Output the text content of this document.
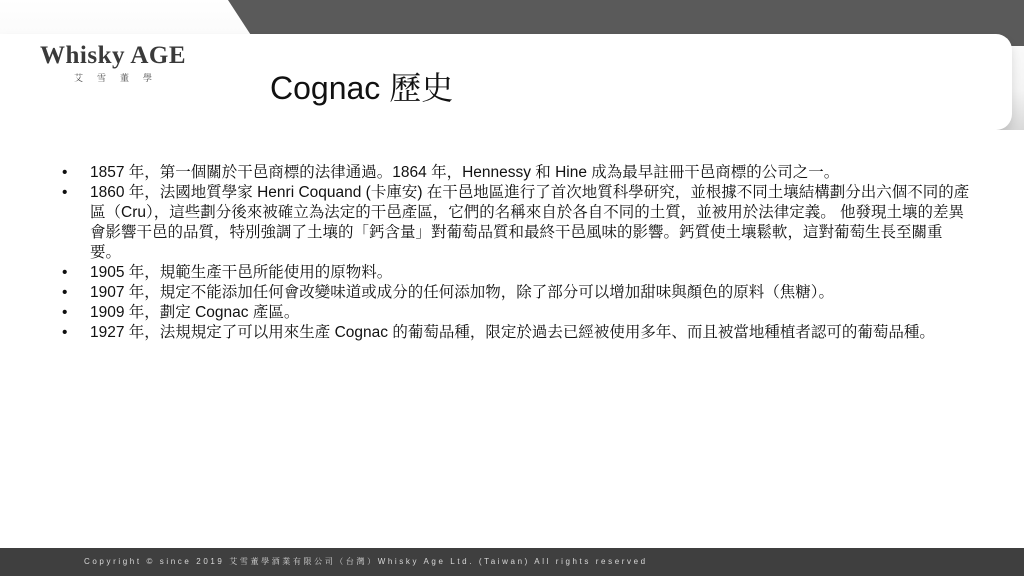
Whisky AGE
艾雪董學	Cognac 歷史
• 1857 年，第一個關於干邑商標的法律通過。1864 年，Hennessy 和 Hine 成為最早註冊干邑商標的公司之一。
• 1860 年，法國地質學家 Henri Coquand (卡庫安) 在干邑地區進行了首次地質科學研究，並根據不同土壤結構劃分出六個不同的產區（Cru），這些劃分後來被確立為法定的干邑產區，它們的名稱來自於各自不同的土質，並被用於法律定義。 他發現土壤的差異會影響干邑的品質，特別強調了土壤的「鈣含量」對葡萄品質和最終干邑風味的影響。鈣質使土壤鬆軟，這對葡萄生長至關重要。
• 1905 年，規範生產干邑所能使用的原物料。
• 1907 年，規定不能添加任何會改變味道或成分的任何添加物，除了部分可以增加甜味與顏色的原料（焦糖）。
• 1909 年，劃定 Cognac 產區。
• 1927 年，法規規定了可以用來生產 Cognac 的葡萄品種，限定於過去已經被使用多年、而且被當地種植者認可的葡萄品種。
Copyright © since 2019 艾雪董學酒業有限公司（台灣）Whisky Age Ltd. (Taiwan) All rights reserved
